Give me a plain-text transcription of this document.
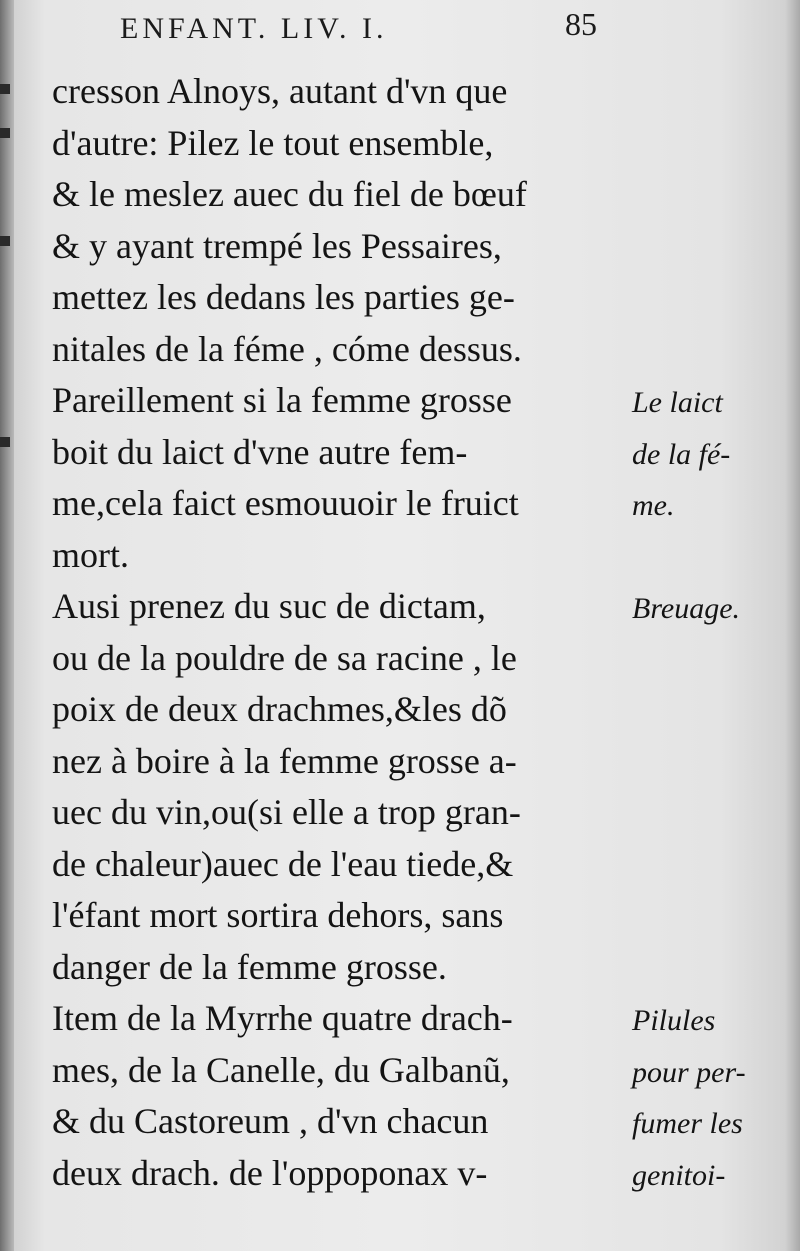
ENFANT. LIV. I.	85
cresson Alnoys, autant d'vn que
d'autre: Pilez le tout ensemble,
& le meslez auec du fiel de bœuf
& y ayant trempé les Pessaires,
mettez les dedans les parties ge-
nitales de la féme , cóme dessus.
Pareillement si la femme grosse
boit du laict d'vne autre fem-
me,cela faict esmouuoir le fruict
mort.
Ausi prenez du suc de dictam,
ou de la pouldre de sa racine , le
poix de deux drachmes,&les dõ
nez à boire à la femme grosse a-
uec du vin,ou(si elle a trop gran-
de chaleur)auec de l'eau tiede,&
l'éfant mort sortira dehors, sans
danger de la femme grosse.
Item de la Myrrhe quatre drach-
mes, de la Canelle, du Galbanũ,
& du Castoreum , d'vn chacun
deux drach. de l'oppoponax v-
Le laict
de la fé-
me.
Breuage.
Pilules
pour per-
fumer les
genitoi-
